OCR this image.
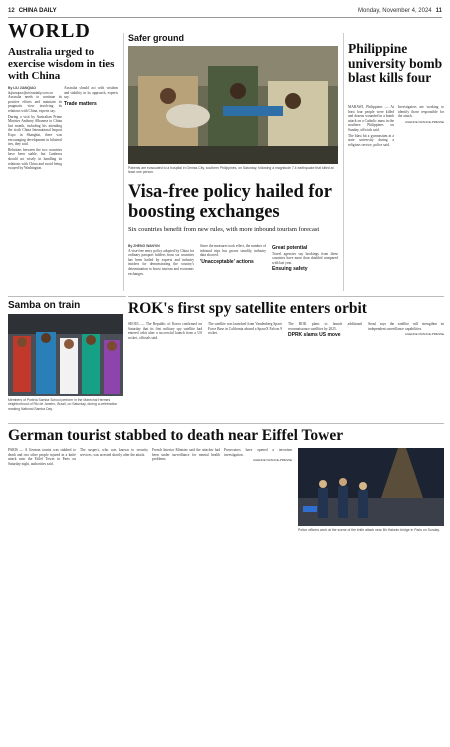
12 CHINA DAILY	Monday, November 4, 2024 11
WORLD
Australia urged to exercise wisdom in ties with China
By LIU JIANQIAO
liujianqiao@chinadaily.com.cn

Australia needs to continue its positive efforts and maintain its pragmatic view involving its relations with China, experts say.

During a visit by Australian Prime Minister Anthony Albanese to China last month, including his attending the sixth China International Import Expo in Shanghai, there was encouraging development in bilateral ties, they said.

Relations between the two countries have been stable, but Canberra should act wisely in handling its relations with China and avoid being swayed by Washington.

Australia should act with wisdom and stability in its approach, experts say.

Trade matters
Safer ground
Patients are evacuated to a hospital in Gemas City, southern Philippines, on Saturday, following a magnitude 7.4 earthquake that killed at least one person.
Visa-free policy hailed for boosting exchanges
Six countries benefit from new rules, with more inbound tourism forecast
By ZHENG WANYIN

A visa-free entry policy adopted by China for ordinary passport holders from six countries has been hailed by experts and industry insiders for demonstrating the country's determination to boost tourism and economic exchanges.

Since the measures took effect, the number of inbound trips has grown steadily, industry data showed.

'Unacceptable' actions
Great potential

Travel agencies say bookings from these countries have more than doubled compared with last year.

Ensuing safety
Philippine university bomb blast kills four

MARAWI, Philippines — At least four people were killed and dozens wounded in a bomb attack on a Catholic mass in the southern Philippines on Sunday, officials said.

The blast hit a gymnasium at a state university during a religious service, police said.

Investigators are working to identify those responsible for the attack.

AGENCE FRANCE-PRESSE

Samba on train
Members of Portela Samba School perform in the Marechal Hermes neighborhood of Rio de Janeiro, Brazil, on Saturday, during a celebration marking National Samba Day.
ROK's first spy satellite enters orbit

SEOUL — The Republic of Korea confirmed on Saturday that its first military spy satellite had entered orbit after a successful launch from a US rocket, officials said.

The satellite was launched from Vandenberg Space Force Base in California aboard a SpaceX Falcon 9 rocket.

The ROK plans to launch additional reconnaissance satellites by 2025.

DPRK slams US move

Seoul says the satellite will strengthen its independent surveillance capabilities.

AGENCE FRANCE-PRESSE

German tourist stabbed to death near Eiffel Tower

PARIS — A German tourist was stabbed to death and two other people injured in a knife attack near the Eiffel Tower in Paris on Saturday night, authorities said.

The suspect, who was known to security services, was arrested shortly after the attack.

French Interior Minister said the attacker had been under surveillance for mental health problems.

Prosecutors have opened a terrorism investigation.

AGENCE FRANCE-PRESSE

Police officers work at the scene of the knife attack near Bir Hakeim bridge in Paris on Sunday.
